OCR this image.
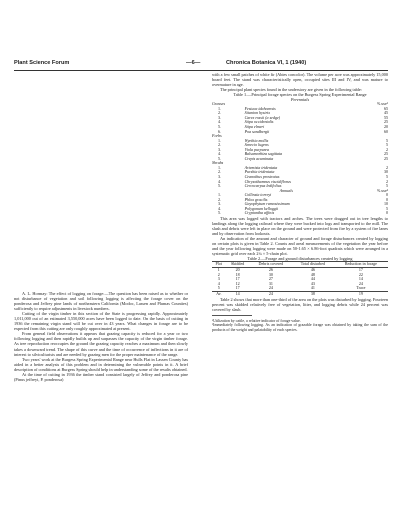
Plant Science Forum	—6—	Chronica Botanica VI, 1 (1940)

A. L. Hormay: The effect of logging on forage:—The question has been raised as to whether or not disturbance of vegetation and soil following logging is affecting the forage cover on the ponderosa and Jeffrey pine lands of northeastern California (Modoc, Lassen and Plumas Counties) sufficiently to require adjustments in livestock numbers.

Cutting of the virgin timber in this section of the State is progressing rapidly. Approximately 1,011,000 out of an estimated 3,550,000 acres have been logged to date. On the basis of cutting in 1936 the remaining virgin stand will be cut over in 43 years. What changes in forage are to be expected from this cutting are only roughly approximated at present.

From general field observations it appears that grazing capacity is reduced for a year or two following logging and then rapidly builds up and surpasses the capacity of the virgin timber forage. As tree reproduction reoccupies the ground the grazing capacity reaches a maximum and then slowly takes a downward trend. The shape of this curve and the time of occurrence of inflections in it are of interest to silviculturists and are needed by grazing men for the proper maintenance of the range.

Two years' work at the Burgess Spring Experimental Range near Hulls Flat in Lassen County has aided in a better analysis of this problem and in determining the vulnerable points in it. A brief description of conditions at Burgess Spring should help in understanding some of the results obtained.

At the time of cutting in 1936 the timber stand consisted largely of Jeffrey and ponderosa pine (Pinus jeffreyi, P. ponderosa)

with a few small patches of white fir (Abies concolor). The volume per acre was approximately 15,000 board feet. The stand was characteristically open, occupied sites III and IV, and was mature to overmature in age.

The principal plant species found in the understory are given in the following table:

Table 1.—Principal forage species on the Burgess Spring Experimental Range

Perennials

Grasses		% use¹
1.	Festuca idahoensis	65
2.	Sitanion hystrix	45
3.	Carex rossii (a sedge)	55
4.	Stipa occidentalis	25
5.	Stipa elmeri	20
6.	Poa sandbergii	60
Forbs		
1.	Wyethia mollis	5
2.	Senecio lugens	5
3.	Viola purpurea	2
4.	Balsamorhiza sagittata	25
5.	Crepis acuminata	25
Shrubs		
1.	Artemisia tridentata	2
2.	Purshia tridentata	30
3.	Ceanothus prostratus	5
4.	Chrysothamnus viscidiflorus	2
5.	Cercocarpus ledifolius	5
Annuals		% use²
1.	Collinsia torreyi	0
2.	Phlox gracilis	0
3.	Gayophytum ramosissimum	10
4.	Polygonum kelloggii	5
5.	Cryptantha affinis	0

This area was logged with tractors and arches. The trees were dragged out in tree lengths to landings along the logging railroad where they were bucked into logs and transported to the mill. The slash and debris were left in place on the ground and were protected from fire by a system of fire lanes and by observation from lookouts.

An indication of the amount and character of ground and forage disturbances created by logging on certain plots is given in Table 2. Counts and areal measurements of the vegetation the year before and the year following logging were made on 50-1.65 × 6.86-foot quadrats which were arranged in a systematic grid over each 2¼ × 5-chain plot.

Table 2.—Forage and ground disturbances created by logging

Plot	Skidded	Debris covered	Total disturbed	Reduction in forage

1	20	26	46	17
2	18	30	48	22
3	17	27	44	14
4	12	31	43	24
5	17	24	41	Trace

Av.	14	24	38	19

Table 2 shows that more than one-third of the area on the plots was disturbed by logging. Fourteen percent was skidded relatively free of vegetation, litter, and logging debris while 24 percent was covered by slash.

¹Utilization by cattle, a relative indicator of forage value.

²Immediately following logging. As an indication of grazable forage was obtained by taking the sum of the products of the weight and palatability of each species.
